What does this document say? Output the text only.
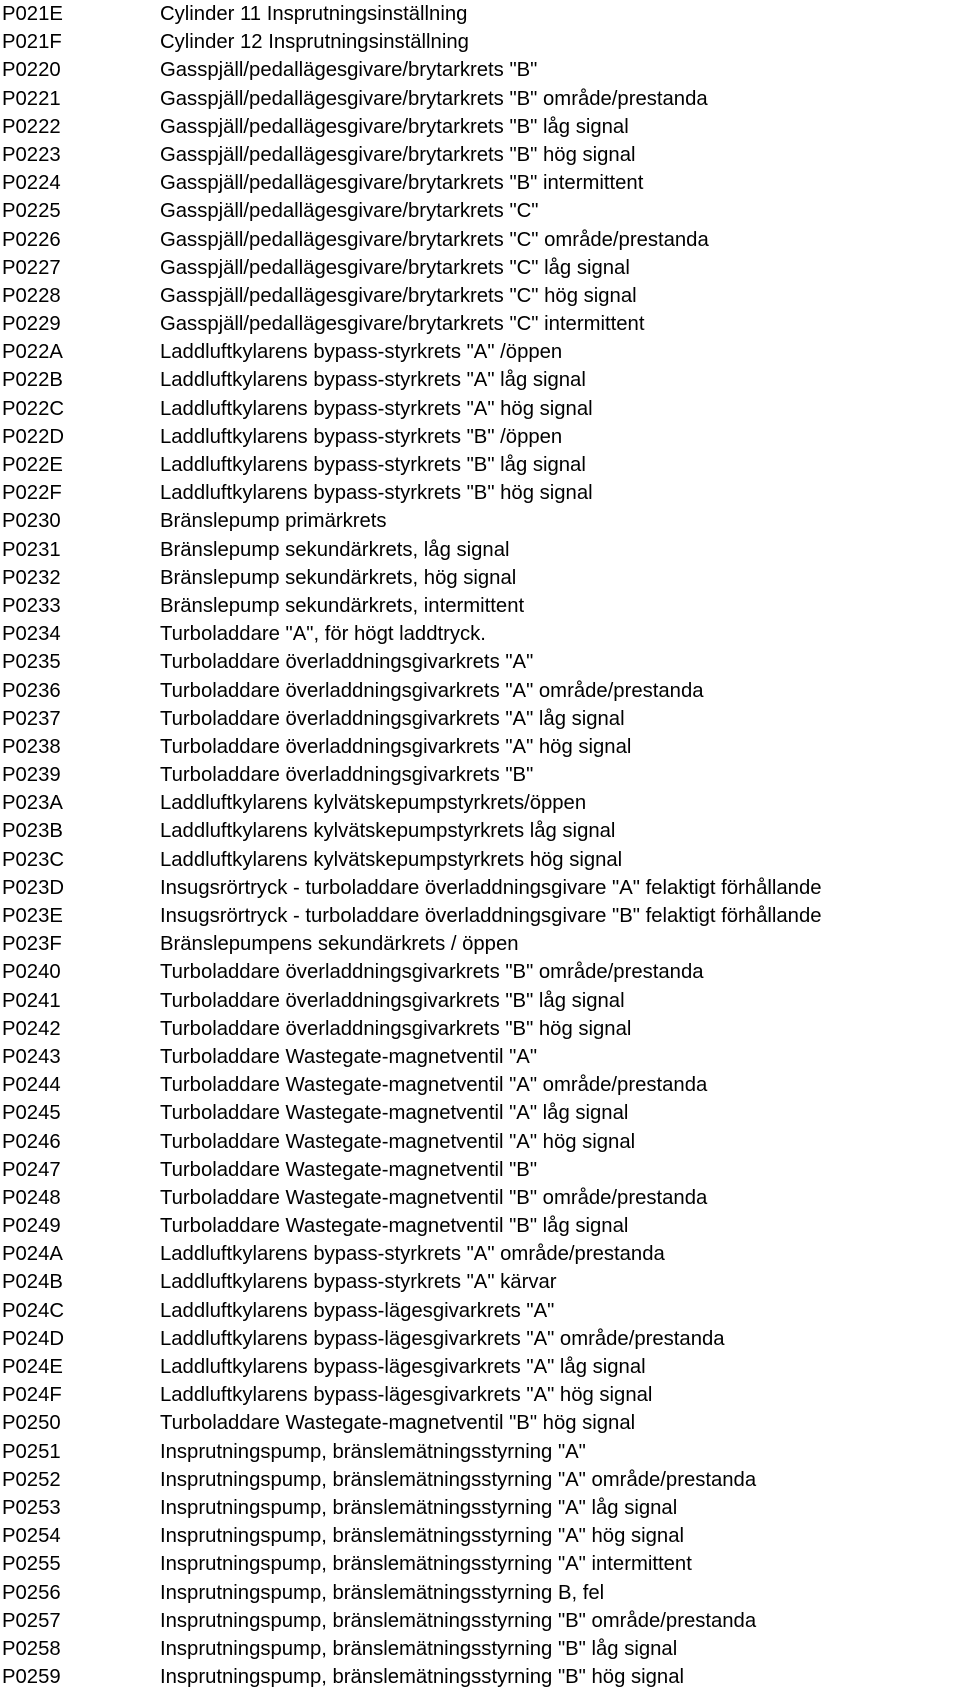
P021E	Cylinder 11 Insprutningsinställning
P021F	Cylinder 12 Insprutningsinställning
P0220	Gasspjäll/pedallägesgivare/brytarkrets "B"
P0221	Gasspjäll/pedallägesgivare/brytarkrets "B" område/prestanda
P0222	Gasspjäll/pedallägesgivare/brytarkrets "B" låg signal
P0223	Gasspjäll/pedallägesgivare/brytarkrets "B" hög signal
P0224	Gasspjäll/pedallägesgivare/brytarkrets "B" intermittent
P0225	Gasspjäll/pedallägesgivare/brytarkrets "C"
P0226	Gasspjäll/pedallägesgivare/brytarkrets "C" område/prestanda
P0227	Gasspjäll/pedallägesgivare/brytarkrets "C" låg signal
P0228	Gasspjäll/pedallägesgivare/brytarkrets "C" hög signal
P0229	Gasspjäll/pedallägesgivare/brytarkrets "C" intermittent
P022A	Laddluftkylarens bypass-styrkrets "A" /öppen
P022B	Laddluftkylarens bypass-styrkrets "A" låg signal
P022C	Laddluftkylarens bypass-styrkrets "A" hög signal
P022D	Laddluftkylarens bypass-styrkrets "B" /öppen
P022E	Laddluftkylarens bypass-styrkrets "B" låg signal
P022F	Laddluftkylarens bypass-styrkrets "B" hög signal
P0230	Bränslepump primärkrets
P0231	Bränslepump sekundärkrets, låg signal
P0232	Bränslepump sekundärkrets, hög signal
P0233	Bränslepump sekundärkrets, intermittent
P0234	Turboladdare "A", för högt laddtryck.
P0235	Turboladdare överladdningsgivarkrets "A"
P0236	Turboladdare överladdningsgivarkrets "A" område/prestanda
P0237	Turboladdare överladdningsgivarkrets "A" låg signal
P0238	Turboladdare överladdningsgivarkrets "A" hög signal
P0239	Turboladdare överladdningsgivarkrets "B"
P023A	Laddluftkylarens kylvätskepumpstyrkrets/öppen
P023B	Laddluftkylarens kylvätskepumpstyrkrets låg signal
P023C	Laddluftkylarens kylvätskepumpstyrkrets hög signal
P023D	Insugsrörtryck - turboladdare överladdningsgivare "A" felaktigt förhållande
P023E	Insugsrörtryck - turboladdare överladdningsgivare "B" felaktigt förhållande
P023F	Bränslepumpens sekundärkrets / öppen
P0240	Turboladdare överladdningsgivarkrets "B" område/prestanda
P0241	Turboladdare överladdningsgivarkrets "B" låg signal
P0242	Turboladdare överladdningsgivarkrets "B" hög signal
P0243	Turboladdare Wastegate-magnetventil "A"
P0244	Turboladdare Wastegate-magnetventil "A" område/prestanda
P0245	Turboladdare Wastegate-magnetventil "A" låg signal
P0246	Turboladdare Wastegate-magnetventil "A" hög signal
P0247	Turboladdare Wastegate-magnetventil "B"
P0248	Turboladdare Wastegate-magnetventil "B" område/prestanda
P0249	Turboladdare Wastegate-magnetventil "B" låg signal
P024A	Laddluftkylarens bypass-styrkrets "A" område/prestanda
P024B	Laddluftkylarens bypass-styrkrets "A" kärvar
P024C	Laddluftkylarens bypass-lägesgivarkrets "A"
P024D	Laddluftkylarens bypass-lägesgivarkrets "A" område/prestanda
P024E	Laddluftkylarens bypass-lägesgivarkrets "A" låg signal
P024F	Laddluftkylarens bypass-lägesgivarkrets "A" hög signal
P0250	Turboladdare Wastegate-magnetventil "B" hög signal
P0251	Insprutningspump, bränslemätningsstyrning "A"
P0252	Insprutningspump, bränslemätningsstyrning "A" område/prestanda
P0253	Insprutningspump, bränslemätningsstyrning "A" låg signal
P0254	Insprutningspump, bränslemätningsstyrning "A" hög signal
P0255	Insprutningspump, bränslemätningsstyrning "A" intermittent
P0256	Insprutningspump, bränslemätningsstyrning B, fel
P0257	Insprutningspump, bränslemätningsstyrning "B" område/prestanda
P0258	Insprutningspump, bränslemätningsstyrning "B" låg signal
P0259	Insprutningspump, bränslemätningsstyrning "B" hög signal
